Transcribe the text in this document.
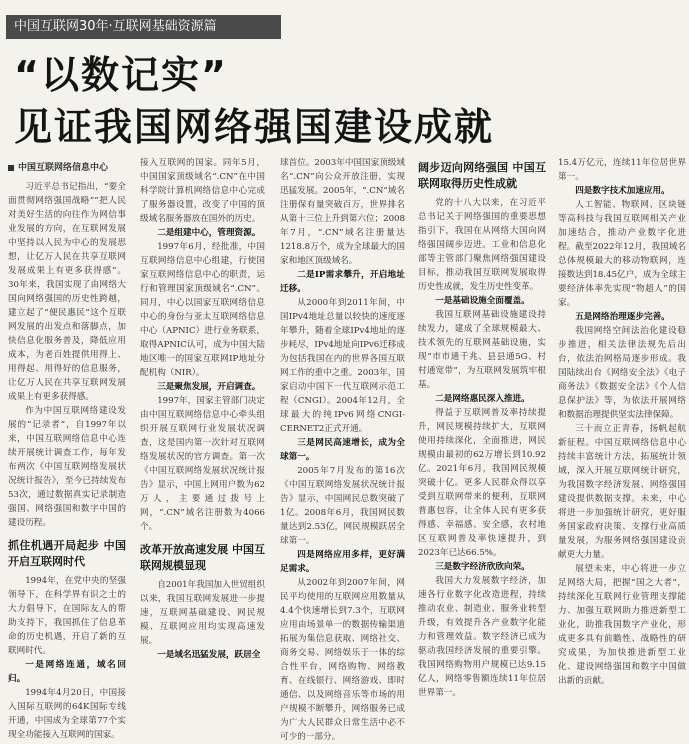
中国互联网30年·互联网基础资源篇
“以数记实”
见证我国网络强国建设成就
中国互联网络信息中心

习近平总书记指出，“要全面贯彻网络强国战略”“把人民对美好生活的向往作为网信事业发展的方向，在互联网发展中坚持以人民为中心的发展思想，让亿万人民在共享互联网发展成果上有更多获得感”。30年来，我国实现了由网络大国向网络强国的历史性跨越，建立起了“便民惠民”这个互联网发展的出发点和落脚点，加快信息化服务普及，降低应用成本，为老百姓提供用得上、用得起、用得好的信息服务，让亿万人民在共享互联网发展成果上有更多获得感。

作为中国互联网络建设发展的“记录者”，自1997年以来，中国互联网络信息中心连续开展统计调查工作，每年发布两次《中国互联网络发展状况统计报告》，至今已持续发布53次，通过数据真实记录制造强国、网络强国和数字中国的建设历程。

抓住机遇开局起步 中国开启互联网时代

1994年，在党中央的坚强领导下，在科学界有识之士的大力倡导下，在国际友人的帮助支持下，我国抓住了信息革命的历史机遇，开启了新的互联网时代。

一是网络连通，域名回归。

1994年4月20日，中国接入国际互联网的64K国际专线开通，中国成为全球第77个实现全功能接入互联网的国家。

接入互联网的国家。同年5月，中国国家顶级域名“.CN”在中国科学院计算机网络信息中心完成了服务器设置，改变了中国的顶级域名服务器放在国外的历史。

二是组建中心，管理资源。

1997年6月，经批准，中国互联网络信息中心组建，行使国家互联网络信息中心的职责，运行和管理国家顶级域名“.CN”。同月，中心以国家互联网络信息中心的身份与亚太互联网络信息中心（APNIC）进行业务联系，取得APNIC认可，成为中国大陆地区唯一的国家互联网IP地址分配机构（NIR）。

三是聚焦发展，开启调查。

1997年，国家主管部门决定由中国互联网络信息中心牵头组织开展互联网行业发展状况调查，这是国内第一次针对互联网络发展状况的官方调查。第一次《中国互联网络发展状况统计报告》显示，中国上网用户数为62万人，主要通过拨号上网，“.CN”域名注册数为4066个。

改革开放高速发展 中国互联网规模显现

自2001年我国加入世贸组织以来，我国互联网发展进一步提速，互联网基础建设、网民规模、互联网应用均实现高速发展。

一是域名迅猛发展，跃居全

球首位。2003年中国国家顶级域名“.CN”向公众开放注册，实现迅猛发展。2005年，“.CN”域名注册保有量突破百万，世界排名从第十三位上升到第六位；2008年7月，“.CN”域名注册量达1218.8万个，成为全球最大的国家和地区顶级域名。

二是IP需求攀升，开启地址迁移。

从2000年到2011年间，中国IPv4地址总量以较快的速度逐年攀升，随着全球IPv4地址的逐步耗尽，IPv4地址向IPv6迁移成为包括我国在内的世界各国互联网工作的重中之重。2003年，国家启动中国下一代互联网示范工程（CNGI）。2004年12月，全球最大的纯IPv6网络CNGI-CERNET2正式开通。

三是网民高速增长，成为全球第一。

2005年7月发布的第16次《中国互联网络发展状况统计报告》显示，中国网民总数突破了1亿。2008年6月，我国网民数量达到2.53亿，网民规模跃居全球第一。

四是网络应用多样，更好满足需求。

从2002年到2007年间，网民平均使用的互联网应用数量从4.4个快速增长到7.3个，互联网应用由场景单一的数据传输渠道拓展为集信息获取、网络社交、商务交易、网络娱乐于一体的综合性平台，网络购物、网络教育、在线银行、网络游戏、即时通信、以及网络音乐等市场的用户规模不断攀升，网络服务已成为广大人民群众日常生活中必不可少的一部分。

阔步迈向网络强国 中国互联网取得历史性成就

党的十八大以来，在习近平总书记关于网络强国的重要思想指引下，我国在从网络大国向网络强国阔步迈进。工业和信息化部等主管部门聚焦网络强国建设目标，推动我国互联网发展取得历史性成就，发生历史性变革。

一是基础设施全面覆盖。

我国互联网基础设施建设持续发力，建成了全球规模最大、技术领先的互联网基础设施，实现“市市通千兆、县县通5G、村村通宽带”，为互联网发展筑牢根基。

二是网络惠民深入推进。

得益于互联网普及率持续提升，网民规模持续扩大，互联网使用持续深化，全面推进，网民规模由最初的62万增长到10.92亿。2021年6月，我国网民规模突破十亿。更多人民群众得以享受到互联网带来的便利，互联网普惠包容，让全体人民有更多获得感、幸福感、安全感，农村地区互联网普及率快速提升，到2023年已达66.5%。

三是数字经济欣欣向荣。

我国大力发展数字经济，加速各行业数字化改造进程，持续推动农业、制造业、服务业转型升级，有效提升各产业数字化能力和管理效益。数字经济已成为驱动我国经济发展的重要引擎。我国网络购物用户规模已达9.15亿人，网络零售额连续11年位居世界第一。

15.4万亿元，连续11年位居世界第一。

四是数字技术加速应用。

人工智能、物联网、区块链等高科技与我国互联网相关产业加速结合，推动产业数字化进程。截至2022年12月，我国域名总体规模最大的移动物联网，连接数达到18.45亿户，成为全球主要经济体率先实现“物超人”的国家。

五是网络治理逐步完善。

我国网络空间法治化建设稳步推进，相关法律法规先后出台，依法治网格局逐步形成。我国陆续出台《网络安全法》《电子商务法》《数据安全法》《个人信息保护法》等，为依法开展网络和数据治理提供坚实法律保障。

三十而立正青春，扬帆起航新征程。中国互联网络信息中心持续丰富统计方法，拓展统计领域，深入开展互联网统计研究，为我国数字经济发展、网络强国建设提供数据支撑。未来，中心将进一步加强统计研究，更好服务国家政府决策、支撑行业高质量发展，为服务网络强国建设贡献更大力量。

展望未来，中心将进一步立足网络大局，把握“国之大者”，持续深化互联网行业管理支撑能力、加强互联网助力推进新型工业化，助推我国数字产业化，形成更多具有前瞻性、战略性的研究成果，为加快推进新型工业化、建设网络强国和数字中国做出新的贡献。
